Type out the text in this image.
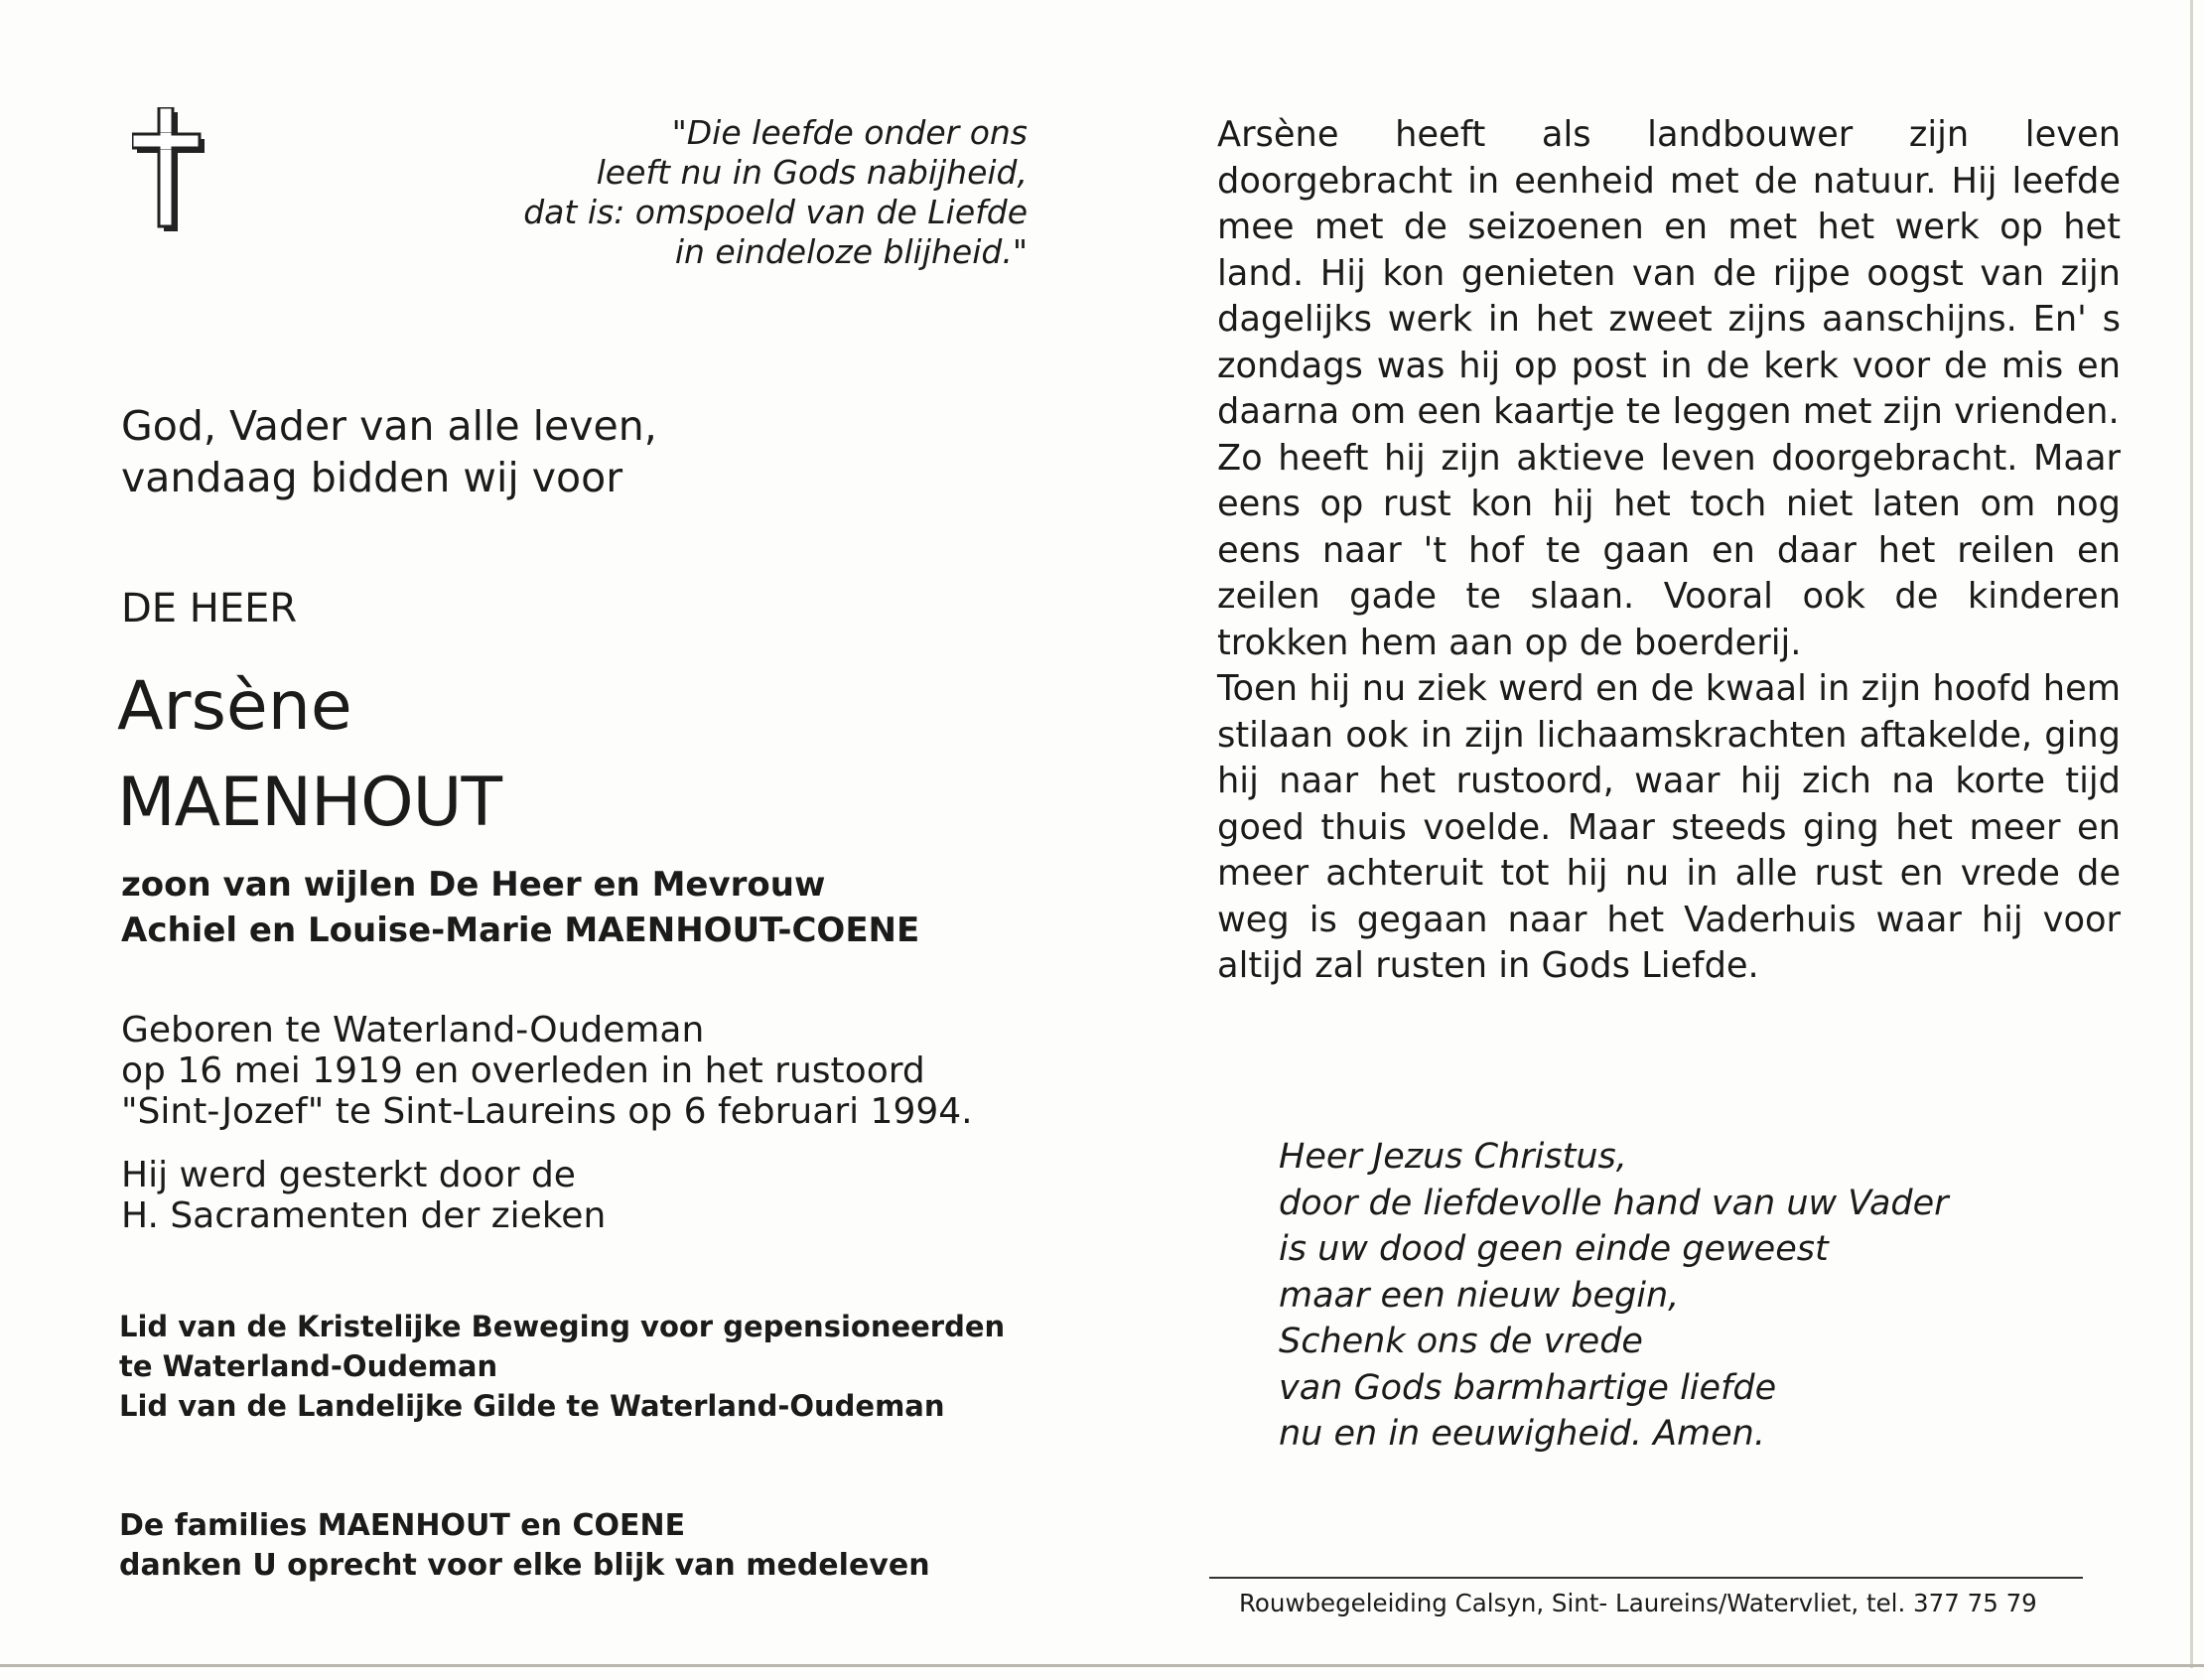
"Die leefde onder ons
leeft nu in Gods nabijheid,
dat is: omspoeld van de Liefde
in eindeloze blijheid."
God, Vader van alle leven,
vandaag bidden wij voor
DE HEER
Arsène
MAENHOUT
zoon van wijlen De Heer en Mevrouw
Achiel en Louise-Marie MAENHOUT-COENE
Geboren te Waterland-Oudeman
op 16 mei 1919 en overleden in het rustoord
"Sint-Jozef" te Sint-Laureins op 6 februari 1994.
Hij werd gesterkt door de
H. Sacramenten der zieken
Lid van de Kristelijke Beweging voor gepensioneerden
te Waterland-Oudeman
Lid van de Landelijke Gilde te Waterland-Oudeman
De families MAENHOUT en COENE
danken U oprecht voor elke blijk van medeleven

Arsène heeft als landbouwer zijn leven doorgebracht in eenheid met de natuur. Hij leefde mee met de seizoenen en met het werk op het land. Hij kon genieten van de rijpe oogst van zijn dagelijks werk in het zweet zijns aanschijns. En' s zondags was hij op post in de kerk voor de mis en daarna om een kaartje te leggen met zijn vrienden.

Zo heeft hij zijn aktieve leven doorgebracht. Maar eens op rust kon hij het toch niet laten om nog eens naar 't hof te gaan en daar het reilen en zeilen gade te slaan. Vooral ook de kinderen trokken hem aan op de boerderij.

Toen hij nu ziek werd en de kwaal in zijn hoofd hem stilaan ook in zijn lichaamskrachten aftakelde, ging hij naar het rustoord, waar hij zich na korte tijd goed thuis voelde. Maar steeds ging het meer en meer achteruit tot hij nu in alle rust en vrede de weg is gegaan naar het Vaderhuis waar hij voor altijd zal rusten in Gods Liefde.

Heer Jezus Christus,
door de liefdevolle hand van uw Vader
is uw dood geen einde geweest
maar een nieuw begin,
Schenk ons de vrede
van Gods barmhartige liefde
nu en in eeuwigheid. Amen.
Rouwbegeleiding Calsyn, Sint- Laureins/Watervliet, tel. 377 75 79
